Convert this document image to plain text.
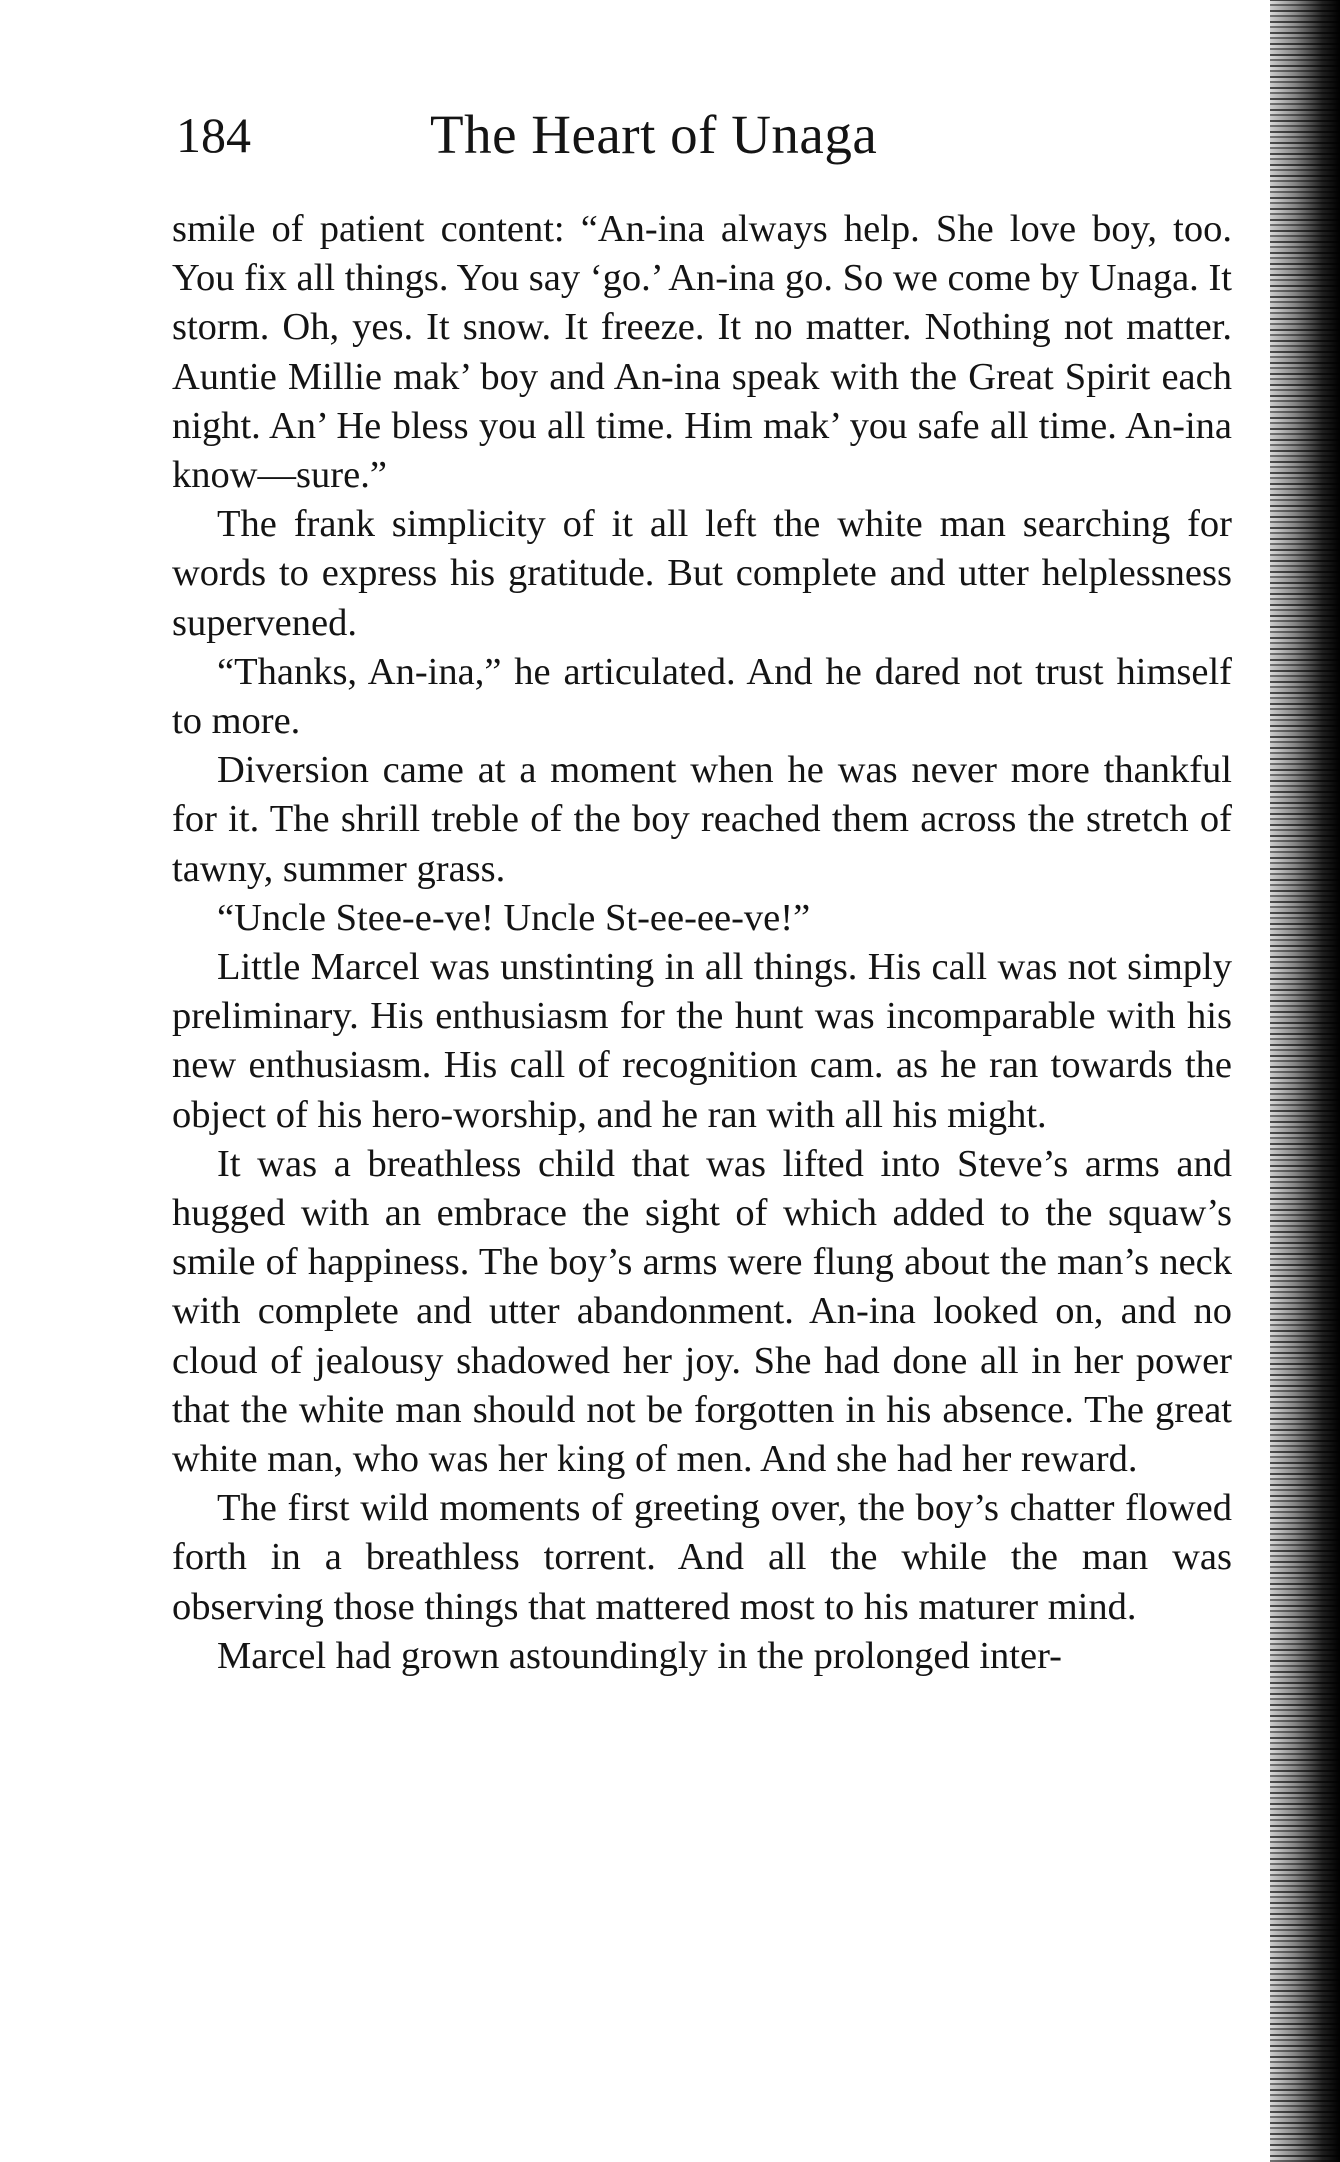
184	The Heart of Unaga

smile of patient content: “An-ina always help. She love boy, too. You fix all things. You say ‘go.’ An-ina go. So we come by Unaga. It storm. Oh, yes. It snow. It freeze. It no matter. Nothing not matter. Auntie Millie mak’ boy and An-ina speak with the Great Spirit each night. An’ He bless you all time. Him mak’ you safe all time. An-ina know—sure.”

The frank simplicity of it all left the white man searching for words to express his gratitude. But complete and utter helplessness supervened.

“Thanks, An-ina,” he articulated. And he dared not trust himself to more.

Diversion came at a moment when he was never more thankful for it. The shrill treble of the boy reached them across the stretch of tawny, summer grass.

“Uncle Stee-e-ve! Uncle St-ee-ee-ve!”

Little Marcel was unstinting in all things. His call was not simply preliminary. His enthusiasm for the hunt was incomparable with his new enthusiasm. His call of recognition cam. as he ran towards the object of his hero-worship, and he ran with all his might.

It was a breathless child that was lifted into Steve’s arms and hugged with an embrace the sight of which added to the squaw’s smile of happiness. The boy’s arms were flung about the man’s neck with complete and utter abandonment. An-ina looked on, and no cloud of jealousy shadowed her joy. She had done all in her power that the white man should not be forgotten in his absence. The great white man, who was her king of men. And she had her reward.

The first wild moments of greeting over, the boy’s chatter flowed forth in a breathless torrent. And all the while the man was observing those things that mattered most to his maturer mind.

Marcel had grown astoundingly in the prolonged inter-
